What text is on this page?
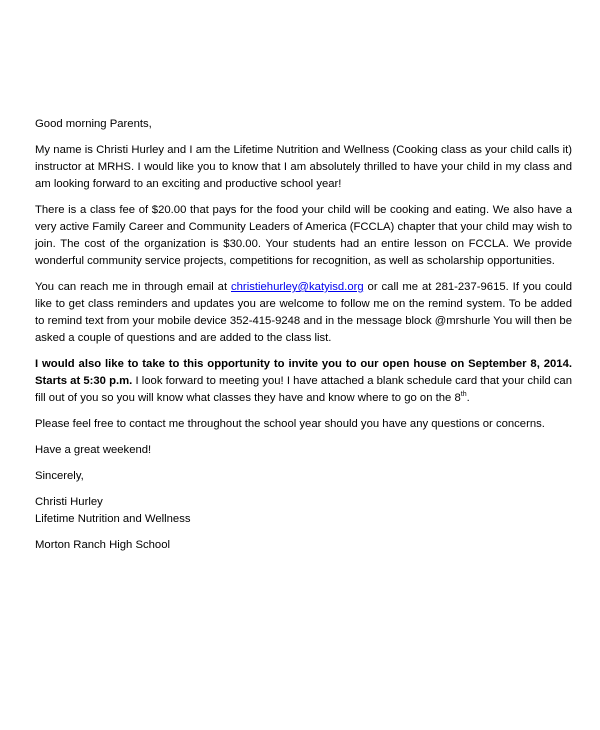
Good morning Parents,

My name is Christi Hurley and I am the Lifetime Nutrition and Wellness (Cooking class as your child calls it) instructor at MRHS. I would like you to know that I am absolutely thrilled to have your child in my class and am looking forward to an exciting and productive school year!

There is a class fee of $20.00 that pays for the food your child will be cooking and eating. We also have a very active Family Career and Community Leaders of America (FCCLA) chapter that your child may wish to join. The cost of the organization is $30.00. Your students had an entire lesson on FCCLA. We provide wonderful community service projects, competitions for recognition, as well as scholarship opportunities.

You can reach me in through email at christiehurley@katyisd.org or call me at 281-237-9615. If you could like to get class reminders and updates you are welcome to follow me on the remind system. To be added to remind text from your mobile device 352-415-9248 and in the message block @mrshurle You will then be asked a couple of questions and are added to the class list.

I would also like to take to this opportunity to invite you to our open house on September 8, 2014. Starts at 5:30 p.m. I look forward to meeting you! I have attached a blank schedule card that your child can fill out of you so you will know what classes they have and know where to go on the 8th.

Please feel free to contact me throughout the school year should you have any questions or concerns.

Have a great weekend!

Sincerely,

Christi Hurley
Lifetime Nutrition and Wellness

Morton Ranch High School
